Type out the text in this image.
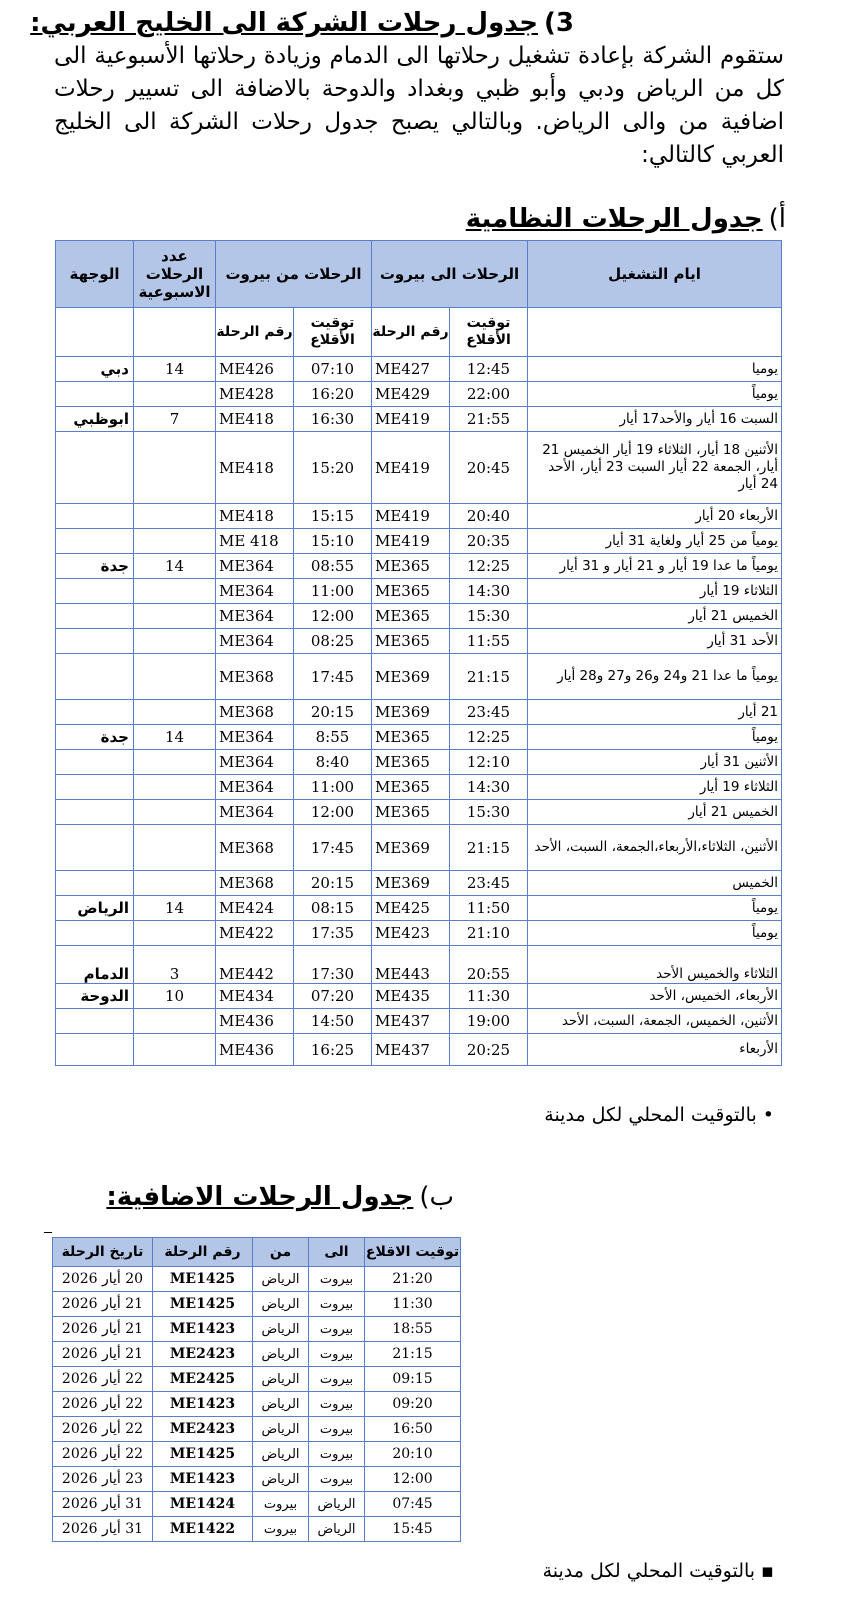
3)جدول رحلات الشركة الى الخليج العربي:
ستقوم الشركة بإعادة تشغيل رحلاتها الى الدمام وزيادة رحلاتها الأسبوعية الى كل من الرياض ودبي وأبو ظبي وبغداد والدوحة بالاضافة الى تسيير رحلات اضافية من والى الرياض. وبالتالي يصبح جدول رحلات الشركة الى الخليج العربي كالتالي:
أ)جدول الرحلات النظامية
ايام التشغيل	الرحلات الى بيروت		الرحلات من بيروت		عدد الرحلات الاسبوعية	الوجهة
	توقيت الأقلاع	رقم الرحلة	توقيت الأقلاع	رقم الرحلة		
يوميا	12:45	ME427	07:10	ME426	14	دبي
يومياً	22:00	ME429	16:20	ME428		
السبت 16 أيار والأحد17 أيار	21:55	ME419	16:30	ME418	7	ابوظبي
الأثنين 18 أيار، الثلاثاء 19 أيار الخميس 21 أيار، الجمعة 22 أيار السبت 23 أيار، الأحد 24 أيار	20:45	ME419	15:20	ME418		
الأربعاء 20 أيار	20:40	ME419	15:15	ME418		
يومياً من 25 أيار ولغاية 31 أيار	20:35	ME419	15:10	ME 418		
يومياً ما عدا 19 أيار و 21 أيار و 31 أيار	12:25	ME365	08:55	ME364	14	جدة
الثلاثاء 19 أيار	14:30	ME365	11:00	ME364		
الخميس 21 أيار	15:30	ME365	12:00	ME364		
الأحد 31 أيار	11:55	ME365	08:25	ME364		
يومياً ما عدا 21 و24 و26 و27 و28 أيار	21:15	ME369	17:45	ME368		
21 أيار	23:45	ME369	20:15	ME368		
يومياً	12:25	ME365	8:55	ME364	14	جدة
الأثنين 31 أيار	12:10	ME365	8:40	ME364		
الثلاثاء 19 أيار	14:30	ME365	11:00	ME364		
الخميس 21 أيار	15:30	ME365	12:00	ME364		
الأثنين، الثلاثاء،الأربعاء،الجمعة، السبت، الأحد	21:15	ME369	17:45	ME368		
الخميس	23:45	ME369	20:15	ME368		
يومياً	11:50	ME425	08:15	ME424	14	الرياض
يومياً	21:10	ME423	17:35	ME422		
الثلاثاء والخميس الأحد	20:55	ME443	17:30	ME442	3	الدمام
الأربعاء، الخميس، الأحد	11:30	ME435	07:20	ME434	10	الدوحة
الأثنين، الخميس، الجمعة، السبت، الأحد	19:00	ME437	14:50	ME436		
الأربعاء	20:25	ME437	16:25	ME436		
• بالتوقيت المحلي لكل مدينة
ب)جدول الرحلات الاضافية:
توقيت الاقلاع	الى	من	رقم الرحلة	تاريخ الرحلة
21:20	بيروت	الرياض	ME1425	20 أيار 2026
11:30	بيروت	الرياض	ME1425	21 أيار 2026
18:55	بيروت	الرياض	ME1423	21 أيار 2026
21:15	بيروت	الرياض	ME2423	21 أيار 2026
09:15	بيروت	الرياض	ME2425	22 أيار 2026
09:20	بيروت	الرياض	ME1423	22 أيار 2026
16:50	بيروت	الرياض	ME2423	22 أيار 2026
20:10	بيروت	الرياض	ME1425	22 أيار 2026
12:00	بيروت	الرياض	ME1423	23 أيار 2026
07:45	الرياض	بيروت	ME1424	31 أيار 2026
15:45	الرياض	بيروت	ME1422	31 أيار 2026
▪ بالتوقيت المحلي لكل مدينة
